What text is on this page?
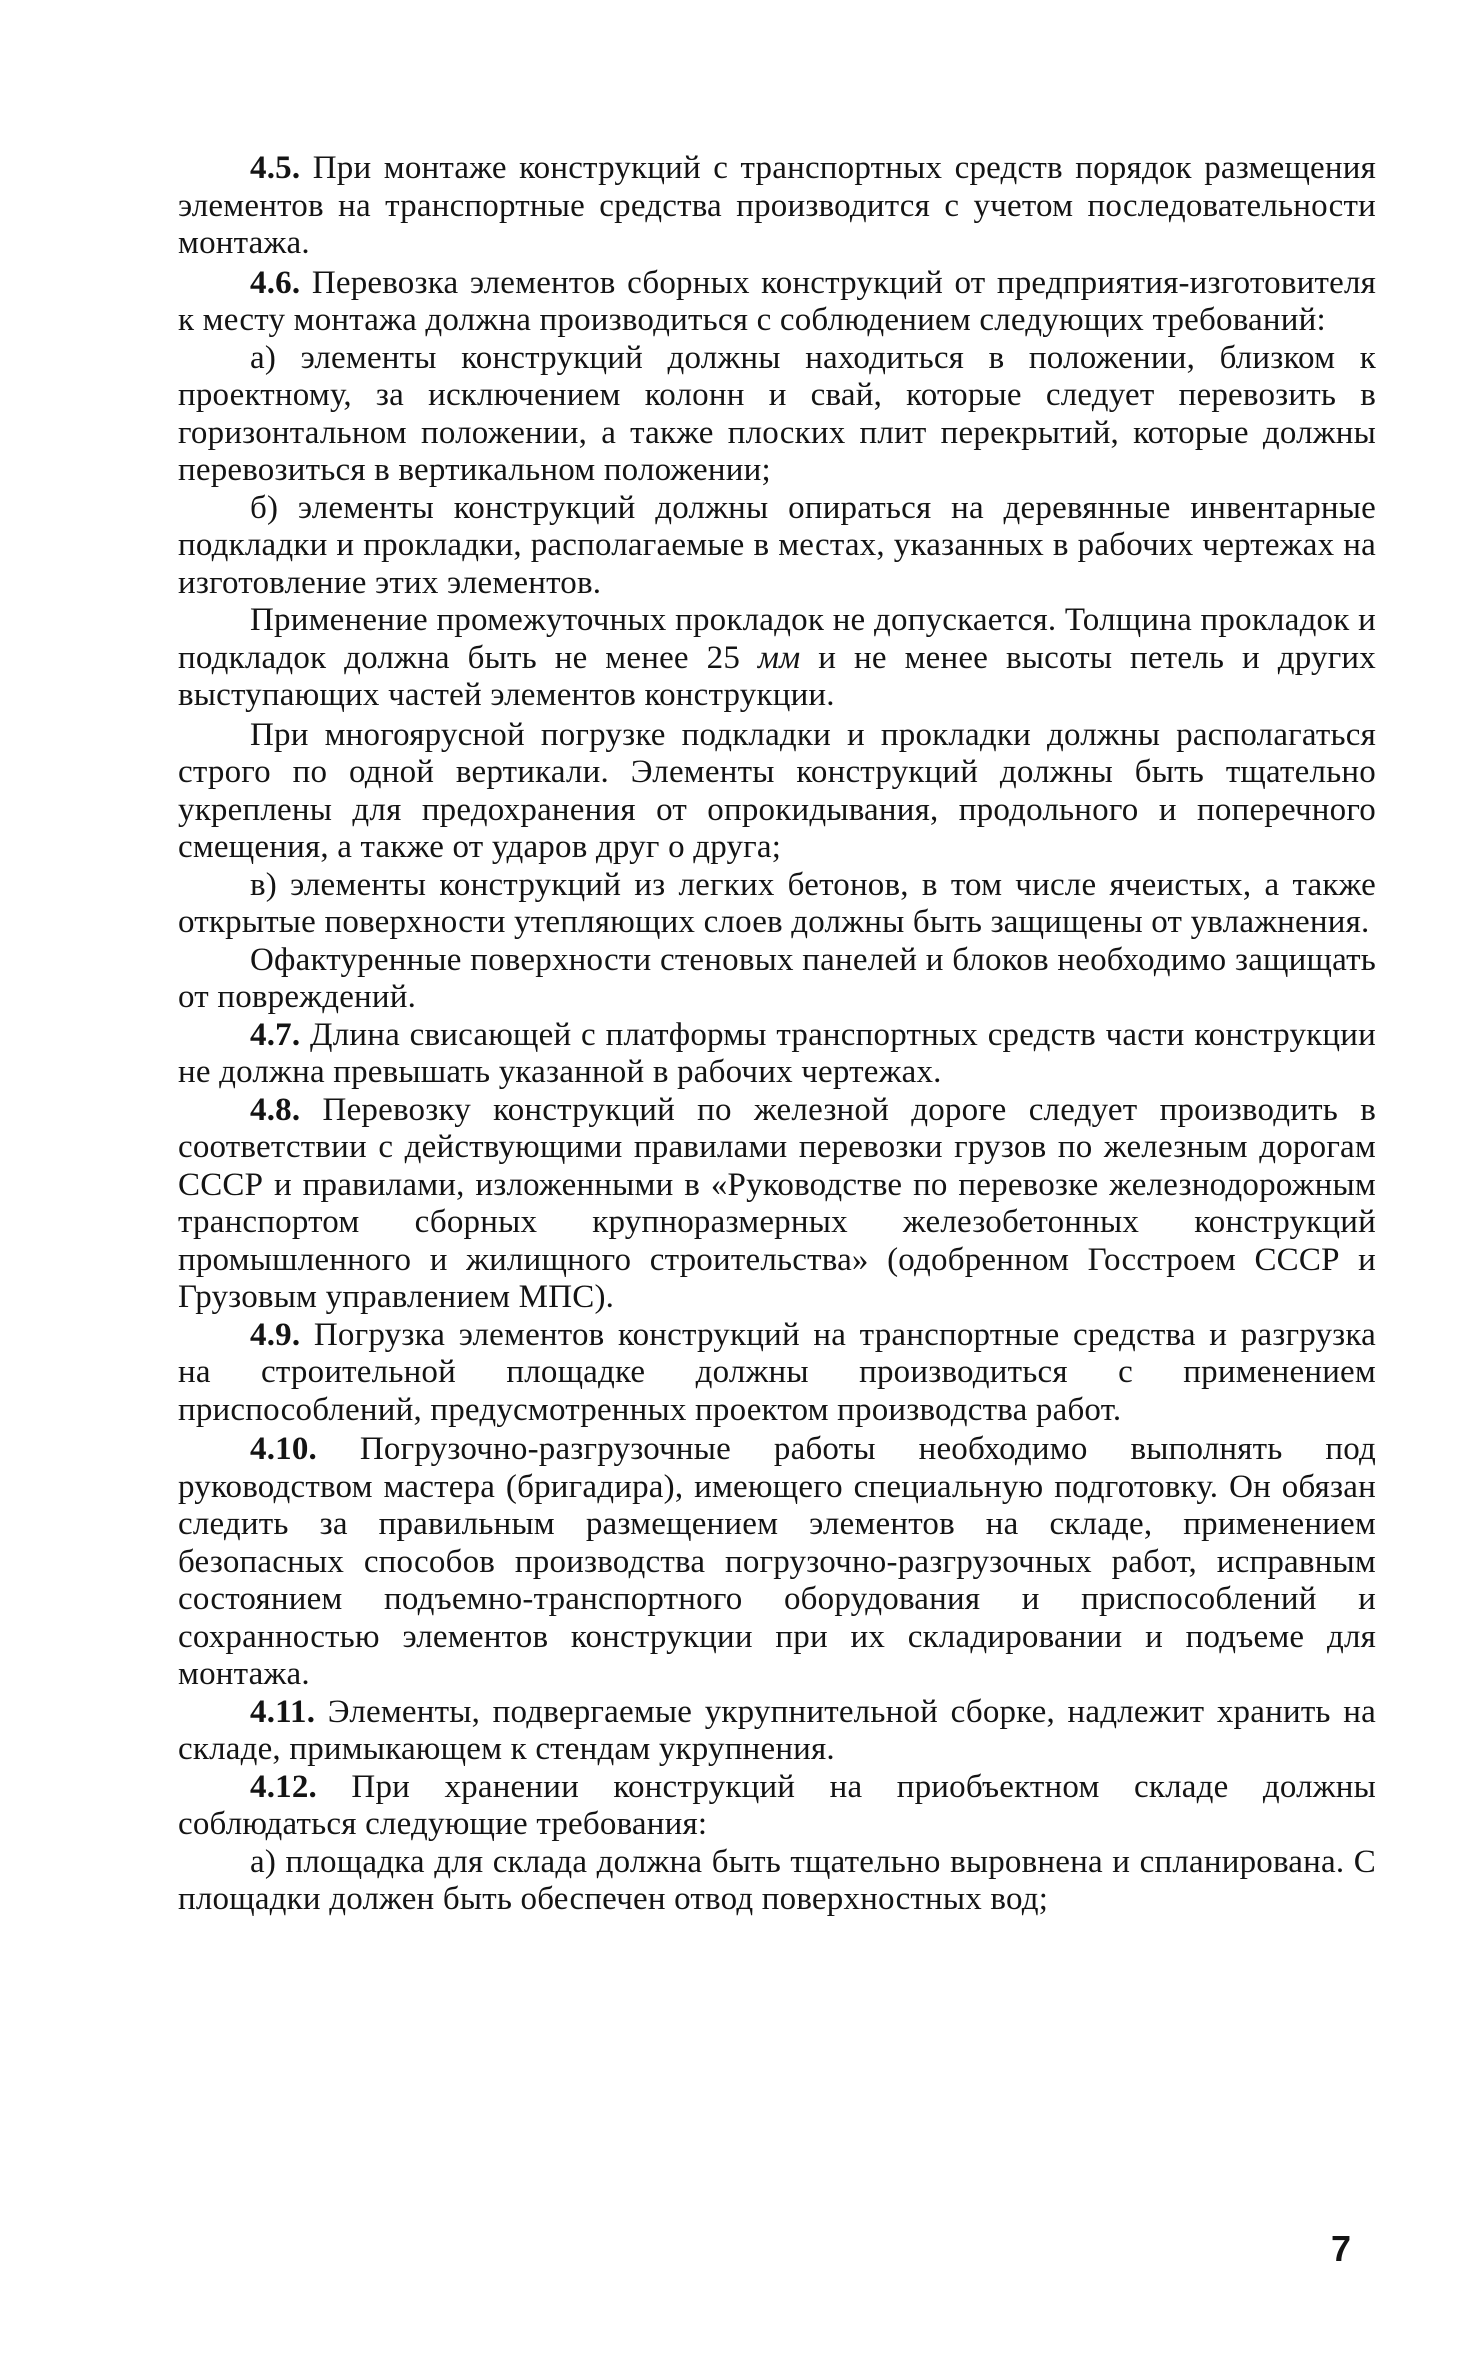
4.5. При монтаже конструкций с транспортных средств порядок размещения элементов на транспортные средства производится с учетом последовательности монтажа.

4.6. Перевозка элементов сборных конструкций от предприятия-изготовителя к месту монтажа должна производиться с соблюдением следующих требований:

а) элементы конструкций должны находиться в положении, близком к проектному, за исключением колонн и свай, которые следует перевозить в горизонтальном положении, а также плоских плит перекрытий, которые должны перевозиться в вертикальном положении;

б) элементы конструкций должны опираться на деревянные инвентарные подкладки и прокладки, располагаемые в местах, указанных в рабочих чертежах на изготовление этих элементов.

Применение промежуточных прокладок не допускается. Толщина прокладок и подкладок должна быть не менее 25 мм и не менее высоты петель и других выступающих частей элементов конструкции.

При многоярусной погрузке подкладки и прокладки должны располагаться строго по одной вертикали. Элементы конструкций должны быть тщательно укреплены для предохранения от опрокидывания, продольного и поперечного смещения, а также от ударов друг о друга;

в) элементы конструкций из легких бетонов, в том числе ячеистых, а также открытые поверхности утепляющих слоев должны быть защищены от увлажнения.

Офактуренные поверхности стеновых панелей и блоков необходимо защищать от повреждений.

4.7. Длина свисающей с платформы транспортных средств части конструкции не должна превышать указанной в рабочих чертежах.

4.8. Перевозку конструкций по железной дороге следует производить в соответствии с действующими правилами перевозки грузов по железным дорогам СССР и правилами, изложенными в «Руководстве по перевозке железнодорожным транспортом сборных крупноразмерных железобетонных конструкций промышленного и жилищного строительства» (одобренном Госстроем СССР и Грузовым управлением МПС).

4.9. Погрузка элементов конструкций на транспортные средства и разгрузка на строительной площадке должны производиться с применением приспособлений, предусмотренных проектом производства работ.

4.10. Погрузочно-разгрузочные работы необходимо выполнять под руководством мастера (бригадира), имеющего специальную подготовку. Он обязан следить за правильным размещением элементов на складе, применением безопасных способов производства погрузочно-разгрузочных работ, исправным состоянием подъемно-транспортного оборудования и приспособлений и сохранностью элементов конструкции при их складировании и подъеме для монтажа.

4.11. Элементы, подвергаемые укрупнительной сборке, надлежит хранить на складе, примыкающем к стендам укрупнения.

4.12. При хранении конструкций на приобъектном складе должны соблюдаться следующие требования:

а) площадка для склада должна быть тщательно выровнена и спланирована. С площадки должен быть обеспечен отвод поверхностных вод;

7
